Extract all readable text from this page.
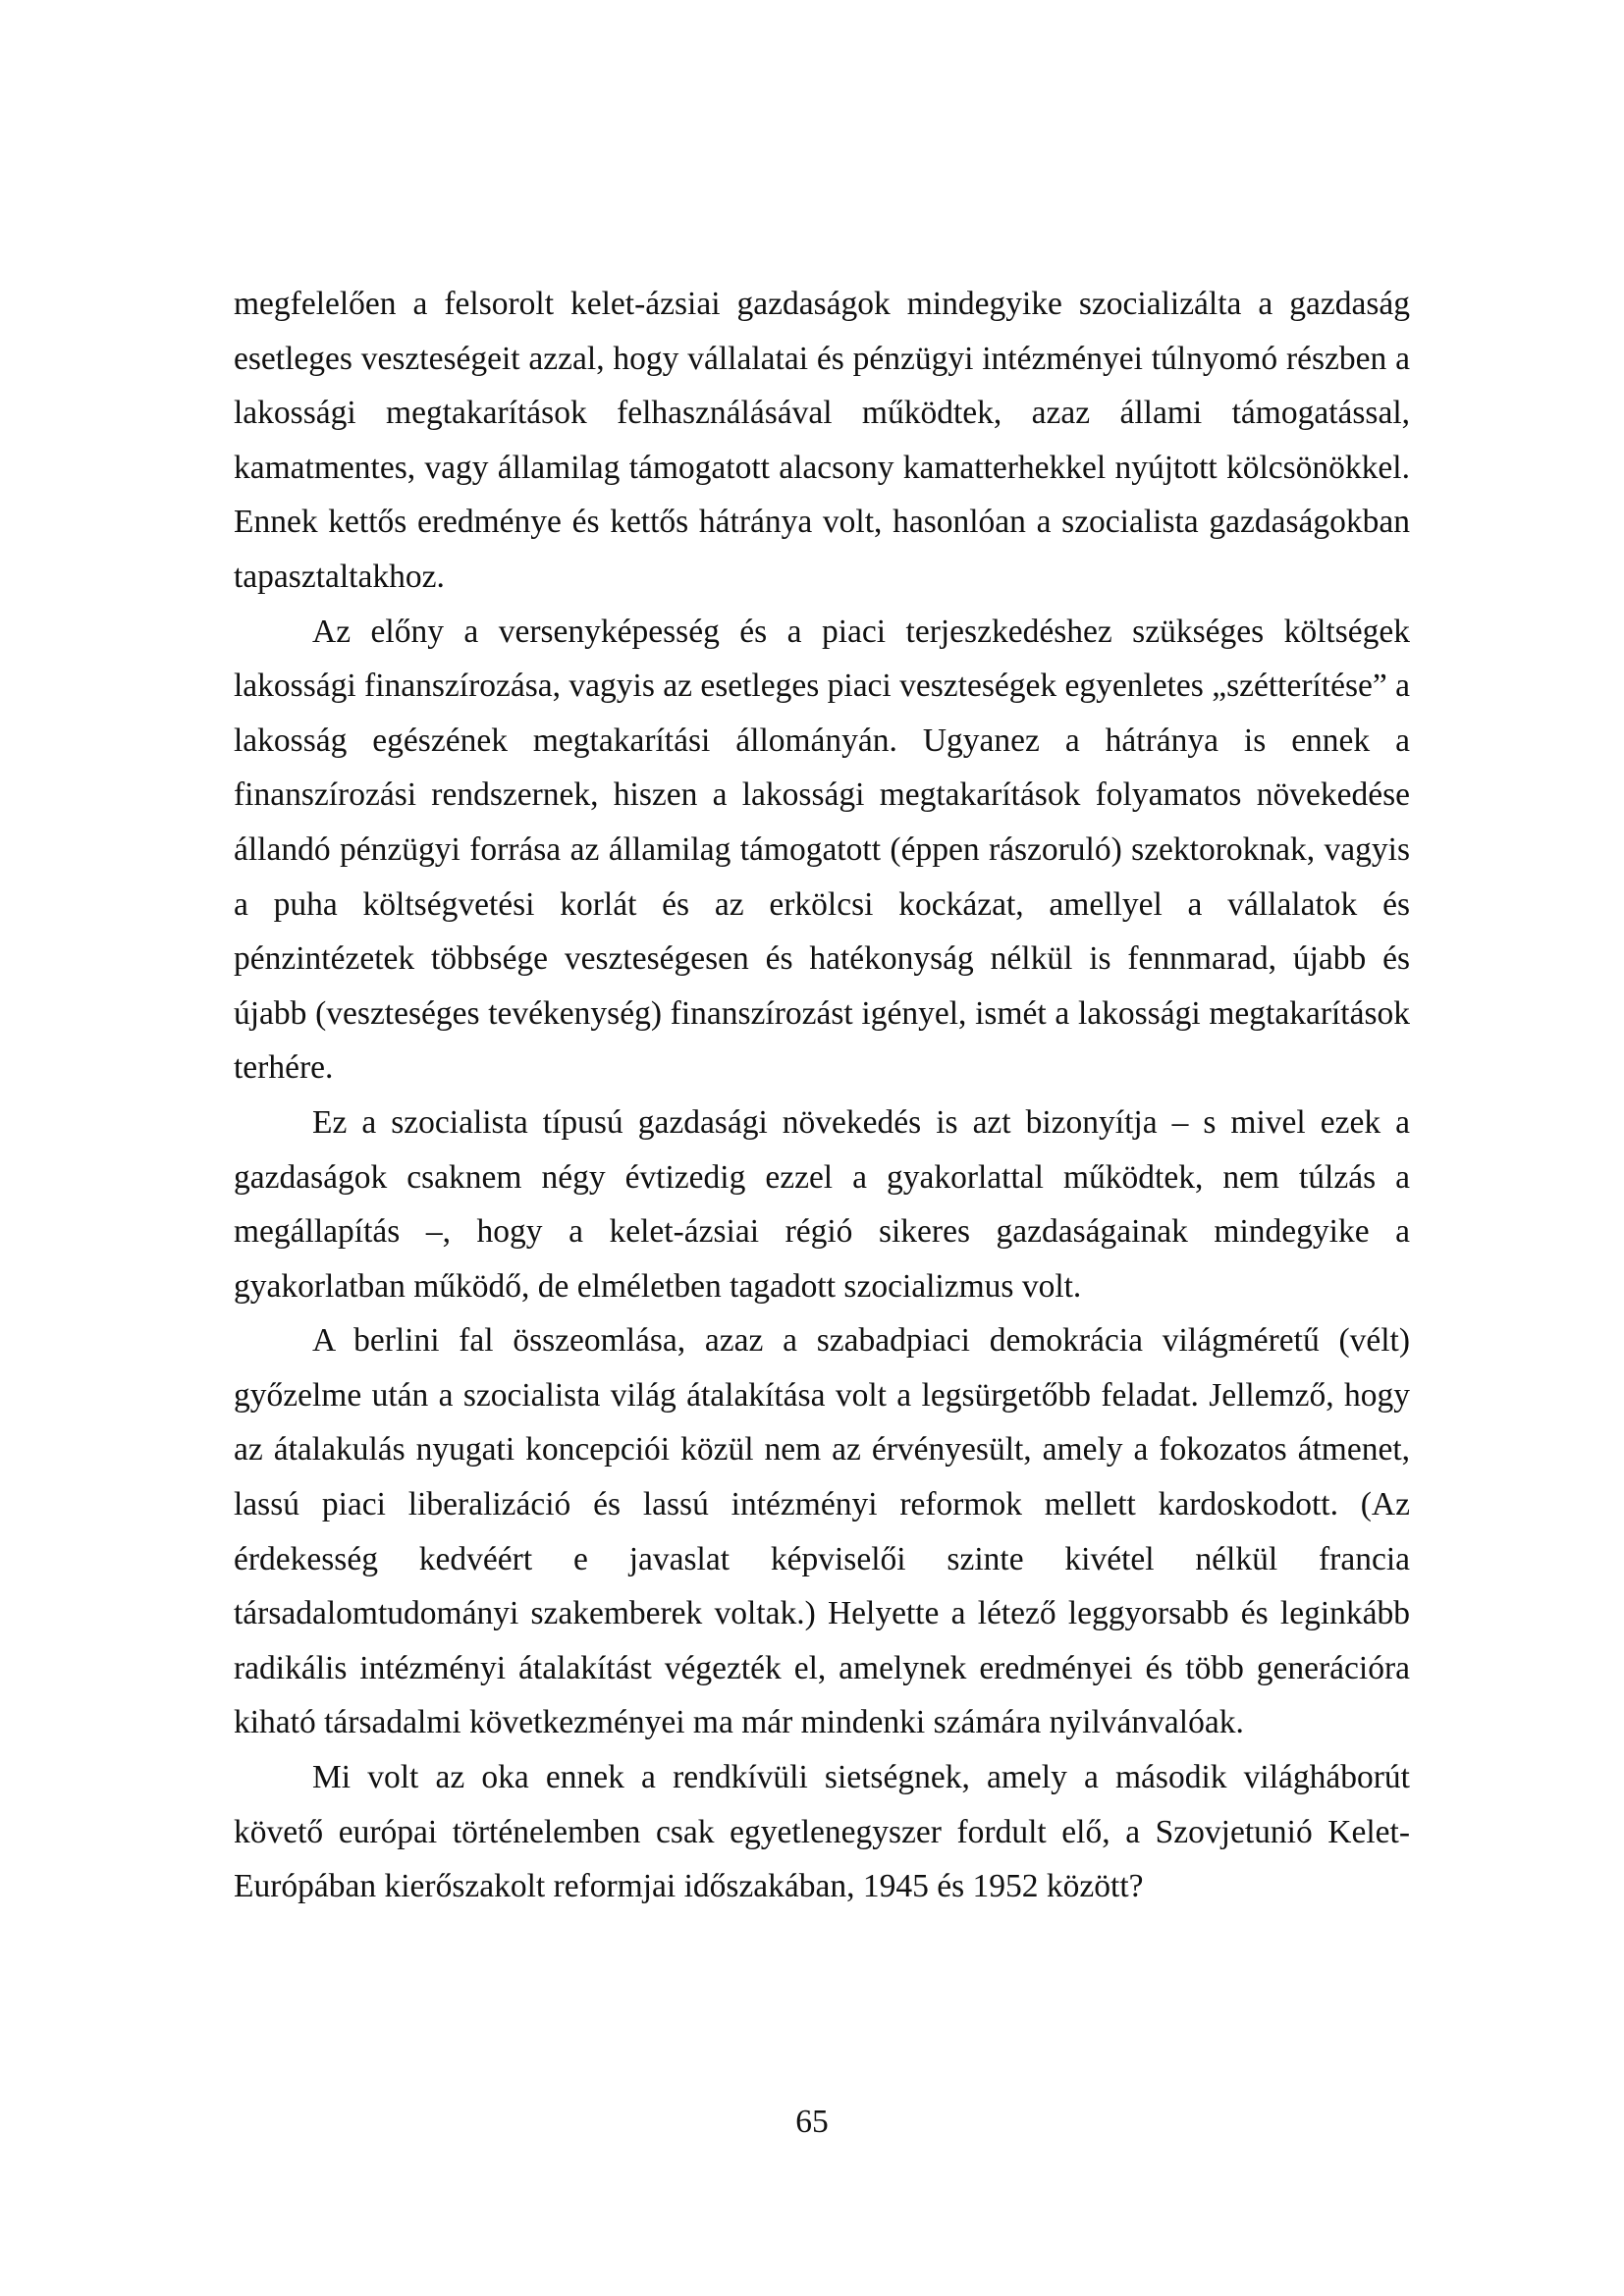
megfelelően a felsorolt kelet-ázsiai gazdaságok mindegyike szocializálta a gazdaság esetleges veszteségeit azzal, hogy vállalatai és pénzügyi intézményei túlnyomó részben a lakossági megtakarítások felhasználásával működtek, azaz állami támogatással, kamatmentes, vagy államilag támogatott alacsony kamatterhekkel nyújtott kölcsönökkel. Ennek kettős eredménye és kettős hátránya volt, hasonlóan a szocialista gazdaságokban tapasztaltakhoz.

Az előny a versenyképesség és a piaci terjeszkedéshez szükséges költségek lakossági finanszírozása, vagyis az esetleges piaci veszteségek egyenletes „szétterítése” a lakosság egészének megtakarítási állományán. Ugyanez a hátránya is ennek a finanszírozási rendszernek, hiszen a lakossági megtakarítások folyamatos növekedése állandó pénzügyi forrása az államilag támogatott (éppen rászoruló) szektoroknak, vagyis a puha költségvetési korlát és az erkölcsi kockázat, amellyel a vállalatok és pénzintézetek többsége veszteségesen és hatékonyság nélkül is fennmarad, újabb és újabb (veszteséges tevékenység) finanszírozást igényel, ismét a lakossági megtakarítások terhére.

Ez a szocialista típusú gazdasági növekedés is azt bizonyítja – s mivel ezek a gazdaságok csaknem négy évtizedig ezzel a gyakorlattal működtek, nem túlzás a megállapítás –, hogy a kelet-ázsiai régió sikeres gazdaságainak mindegyike a gyakorlatban működő, de elméletben tagadott szocializmus volt.

A berlini fal összeomlása, azaz a szabadpiaci demokrácia világméretű (vélt) győzelme után a szocialista világ átalakítása volt a legsürgetőbb feladat. Jellemző, hogy az átalakulás nyugati koncepciói közül nem az érvényesült, amely a fokozatos átmenet, lassú piaci liberalizáció és lassú intézményi reformok mellett kardoskodott. (Az érdekesség kedvéért e javaslat képviselői szinte kivétel nélkül francia társadalomtudományi szakemberek voltak.) Helyette a létező leggyorsabb és leginkább radikális intézményi átalakítást végezték el, amelynek eredményei és több generációra kiható társadalmi következményei ma már mindenki számára nyilvánvalóak.

Mi volt az oka ennek a rendkívüli sietségnek, amely a második világháborút követő európai történelemben csak egyetlenegyszer fordult elő, a Szovjetunió Kelet-Európában kierőszakolt reformjai időszakában, 1945 és 1952 között?

65
